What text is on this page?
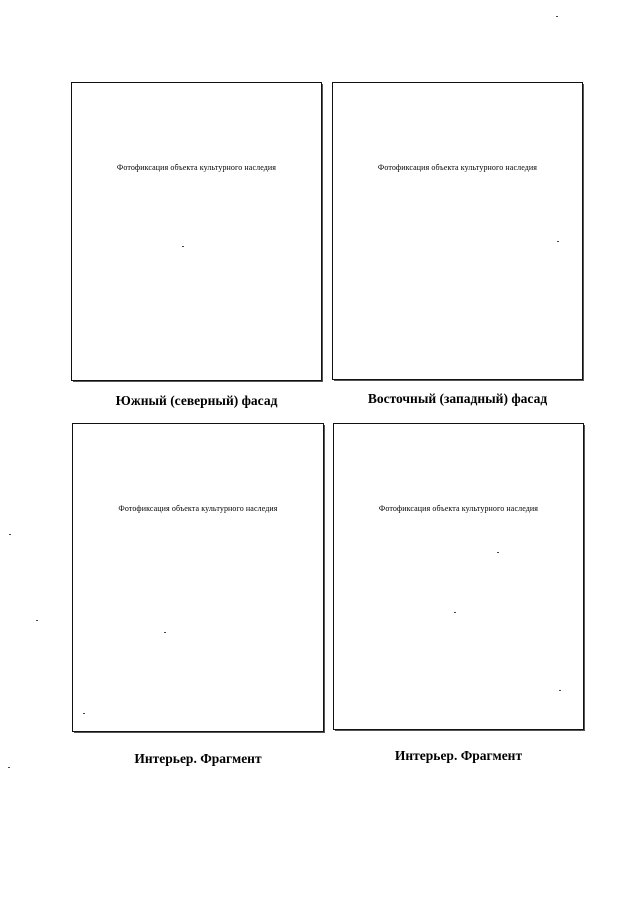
Фотофиксация объекта культурного наследия
Южный (северный) фасад
Фотофиксация объекта культурного наследия
Восточный (западный) фасад
Фотофиксация объекта культурного наследия
Интерьер. Фрагмент
Фотофиксация объекта культурного наследия
Интерьер. Фрагмент
